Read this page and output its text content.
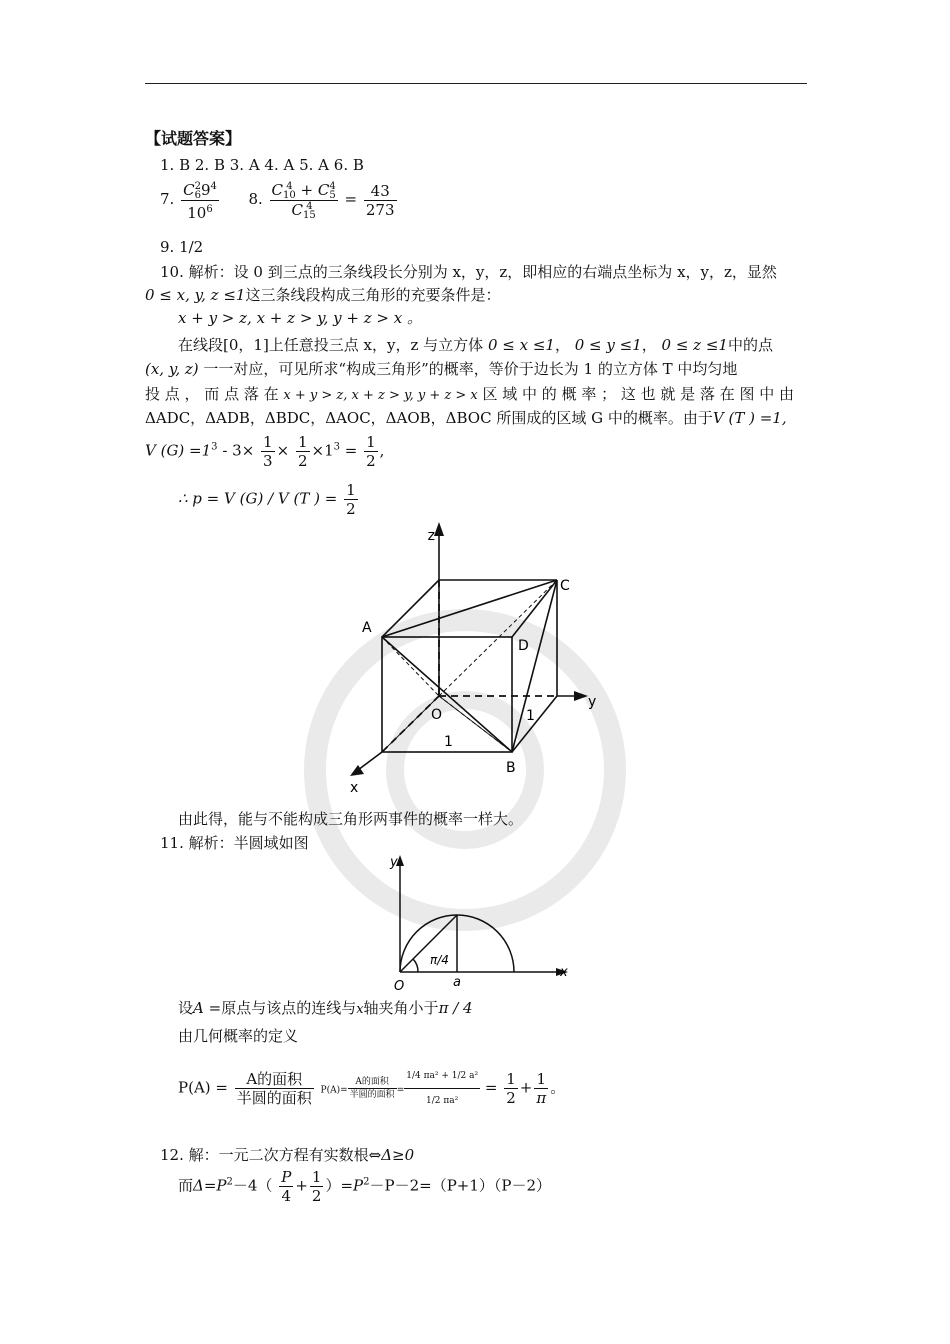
【试题答案】
1. B 2. B 3. A 4. A 5. A 6. B
7. C 2
6 $9^4$
$10^6$ 8. C 4
10 + C 4
5
C 4
$15 = \frac{43}{273}$
9. 1/2
10. 解析：设 0 到三点的三条线段长分别为 x，y，z，即相应的右端点坐标为 x，y，z，显然
0 ≤ x, y, z ≤1这三条线段构成三角形的充要条件是：
x + y > z, x + z > y, y + z > x 。
在线段[0，1]上任意投三点 x，y，z 与立方体 0 ≤ x ≤1， 0 ≤ y ≤1， 0 ≤ z ≤1中的点
(x, y, z) 一一对应，可见所求“构成三角形”的概率，等价于边长为 1 的立方体 T 中均匀地
投 点 ， 而 点 落 在 x + y > z, x + z > y, y + z > x 区 域 中 的 概 率 ； 这 也 就 是 落 在 图 中 由
ΔADC，ΔADB，ΔBDC，ΔAOC，ΔAOB，ΔBOC 所围成的区域 G 中的概率。由于V (T ) =1,
V $(G) =1^3 - 3\times \frac{1}{3} \times \frac{1}{2} \times 1^3 = \frac{1}{2}$ ,
∴ p = V (G) / V (T ) = $\frac{1}{2}$
z
y
x
A
B
C
D
O
1
1
由此得，能与不能构成三角形两事件的概率一样大。
11. 解析：半圆域如图
y
x
O	a
π/4
设A =原点与该点的连线与x轴夹角小于π / 4
由几何概率的定义
$P(A) = \frac{\text{A的面积}}{\text{半圆的面积}} P(A)= \frac{\text{A的面积}}{\text{半圆的面积}} = \frac{\text{1/4 πa² + 1/2 a²}}{\text{1/2 πa²}} = \frac{1}{2} + \frac{1}{\pi}$ 。
12. 解：一元二次方程有实数根⇔Δ≥0
而$\Delta=P^2-4( \frac{P}{4} + \frac{1}{2} )=P^2-P-2=(P+1)(P-2)$
